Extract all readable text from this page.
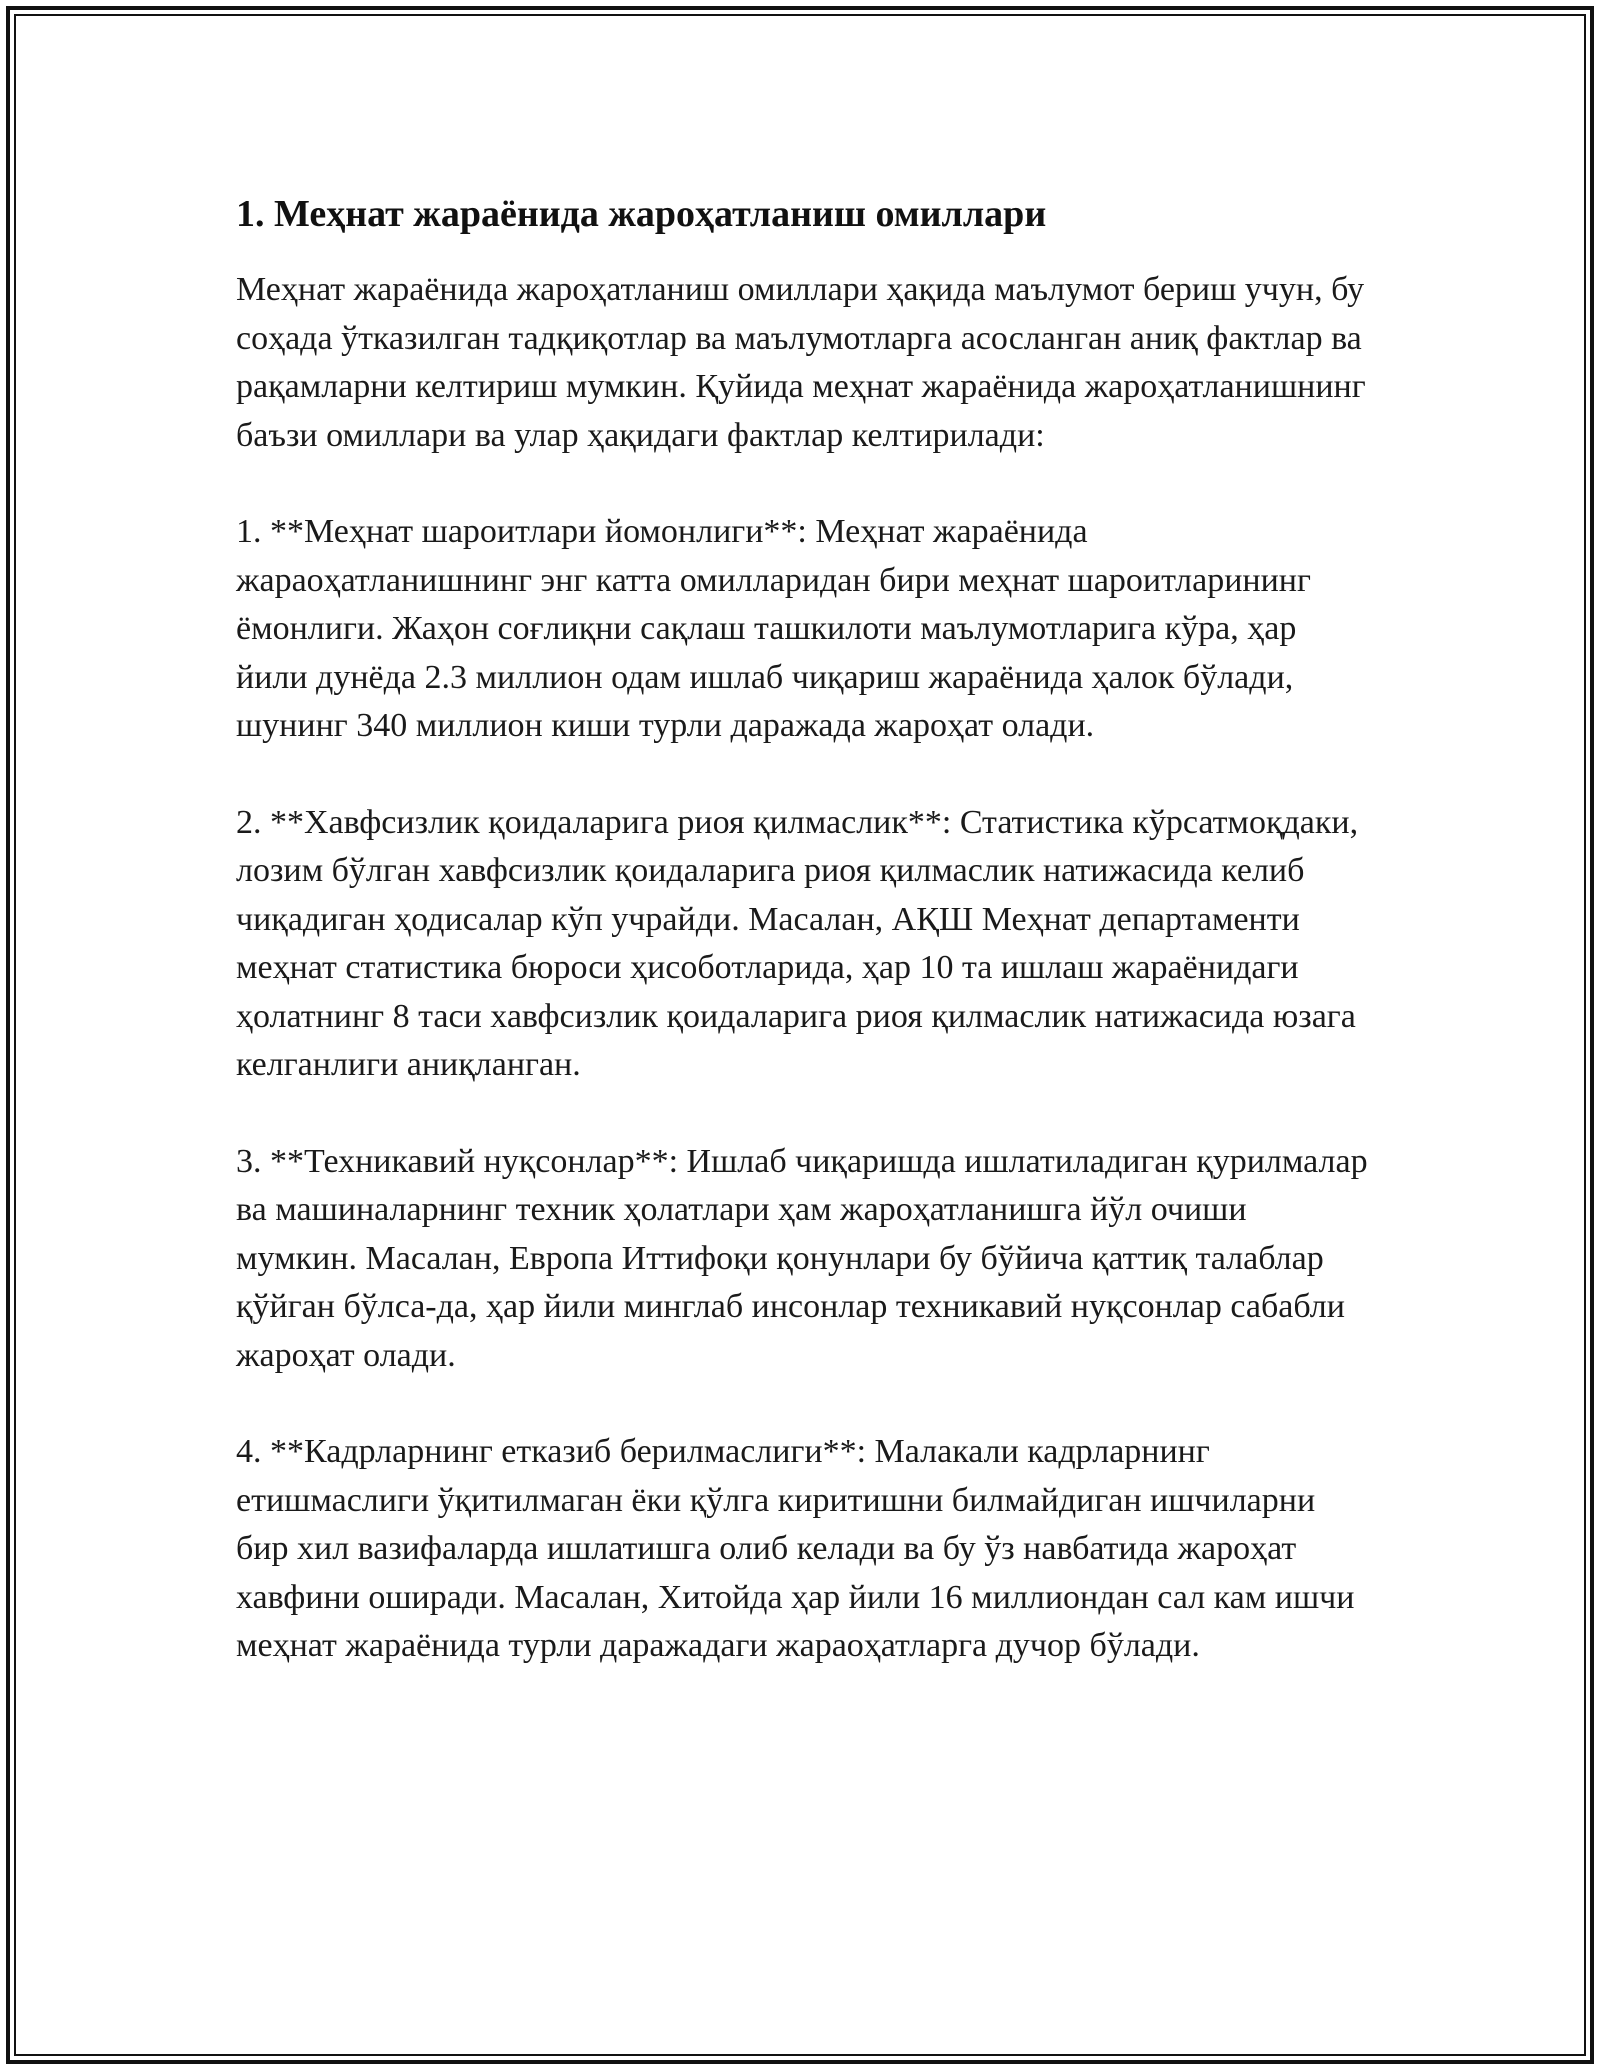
1. Меҳнат жараёнида жароҳатланиш омиллари

Меҳнат жараёнида жароҳатланиш омиллари ҳақида маълумот бериш учун, бу соҳада ўтказилган тадқиқотлар ва маълумотларга асосланган аниқ фактлар ва рақамларни келтириш мумкин. Қуйида меҳнат жараёнида жароҳатланишнинг баъзи омиллари ва улар ҳақидаги фактлар келтирилади:

1. **Меҳнат шароитлари йомонлиги**: Меҳнат жараёнида жараоҳатланишнинг энг катта омилларидан бири меҳнат шароитларининг ёмонлиги. Жаҳон соғлиқни сақлаш ташкилоти маълумотларига кўра, ҳар йили дунёда 2.3 миллион одам ишлаб чиқариш жараёнида ҳалок бўлади, шунинг 340 миллион киши турли даражада жароҳат олади.

2. **Хавфсизлик қоидаларига риоя қилмаслик**: Статистика кўрсатмоқдаки, лозим бўлган хавфсизлик қоидаларига риоя қилмаслик натижасида келиб чиқадиган ҳодисалар кўп учрайди. Масалан, АҚШ Меҳнат департаменти меҳнат статистика бюроси ҳисоботларида, ҳар 10 та ишлаш жараёнидаги ҳолатнинг 8 таси хавфсизлик қоидаларига риоя қилмаслик натижасида юзага келганлиги аниқланган.

3. **Техникавий нуқсонлар**: Ишлаб чиқаришда ишлатиладиган қурилмалар ва машиналарнинг техник ҳолатлари ҳам жароҳатланишга йўл очиши мумкин. Масалан, Европа Иттифоқи қонунлари бу бўйича қаттиқ талаблар қўйган бўлса-да, ҳар йили минглаб инсонлар техникавий нуқсонлар сабабли жароҳат олади.

4. **Кадрларнинг етказиб берилмаслиги**: Малакали кадрларнинг етишмаслиги ўқитилмаган ёки қўлга киритишни билмайдиган ишчиларни бир хил вазифаларда ишлатишга олиб келади ва бу ўз навбатида жароҳат хавфини оширади. Масалан, Хитойда ҳар йили 16 миллиондан сал кам ишчи меҳнат жараёнида турли даражадаги жараоҳатларга дучор бўлади.
